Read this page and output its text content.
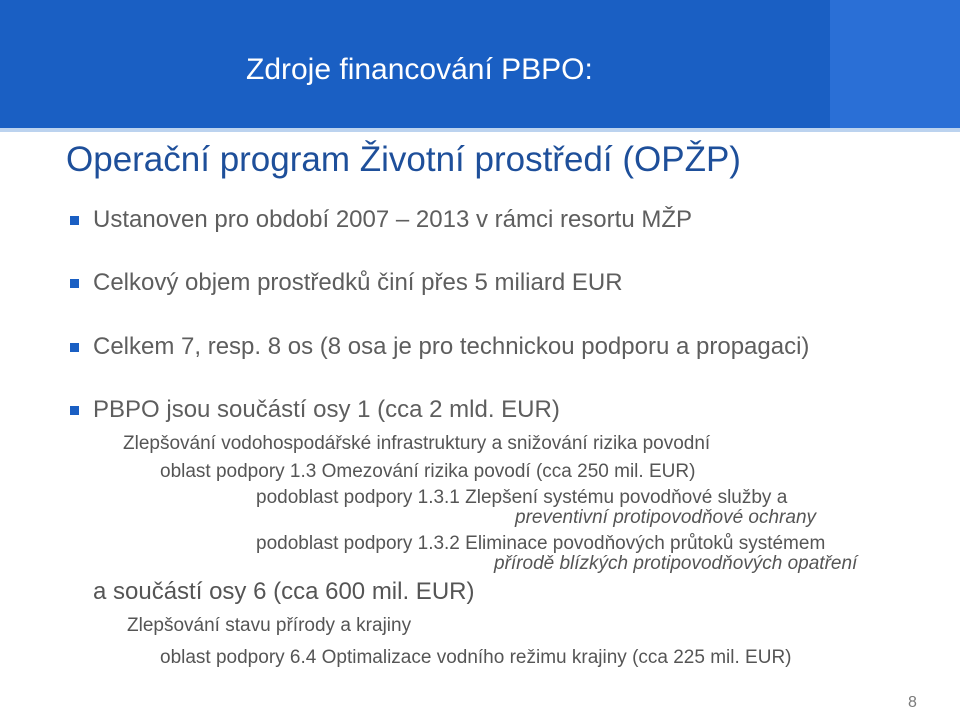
Zdroje financování PBPO:
Operační program Životní prostředí (OPŽP)
Ustanoven pro období 2007 – 2013 v rámci resortu MŽP
Celkový objem prostředků činí přes 5 miliard EUR
Celkem 7, resp. 8 os (8 osa je pro technickou podporu a propagaci)
PBPO jsou součástí osy 1 (cca 2 mld. EUR)
Zlepšování vodohospodářské infrastruktury a snižování rizika povodní
oblast podpory 1.3 Omezování rizika povodí (cca 250 mil. EUR)
podoblast podpory 1.3.1 Zlepšení systému povodňové služby a
preventivní protipovodňové ochrany
podoblast podpory 1.3.2 Eliminace povodňových průtoků systémem
přírodě blízkých protipovodňových opatření
a součástí osy 6 (cca 600 mil. EUR)
Zlepšování stavu přírody a krajiny
oblast podpory 6.4 Optimalizace vodního režimu krajiny (cca 225 mil. EUR)
8
